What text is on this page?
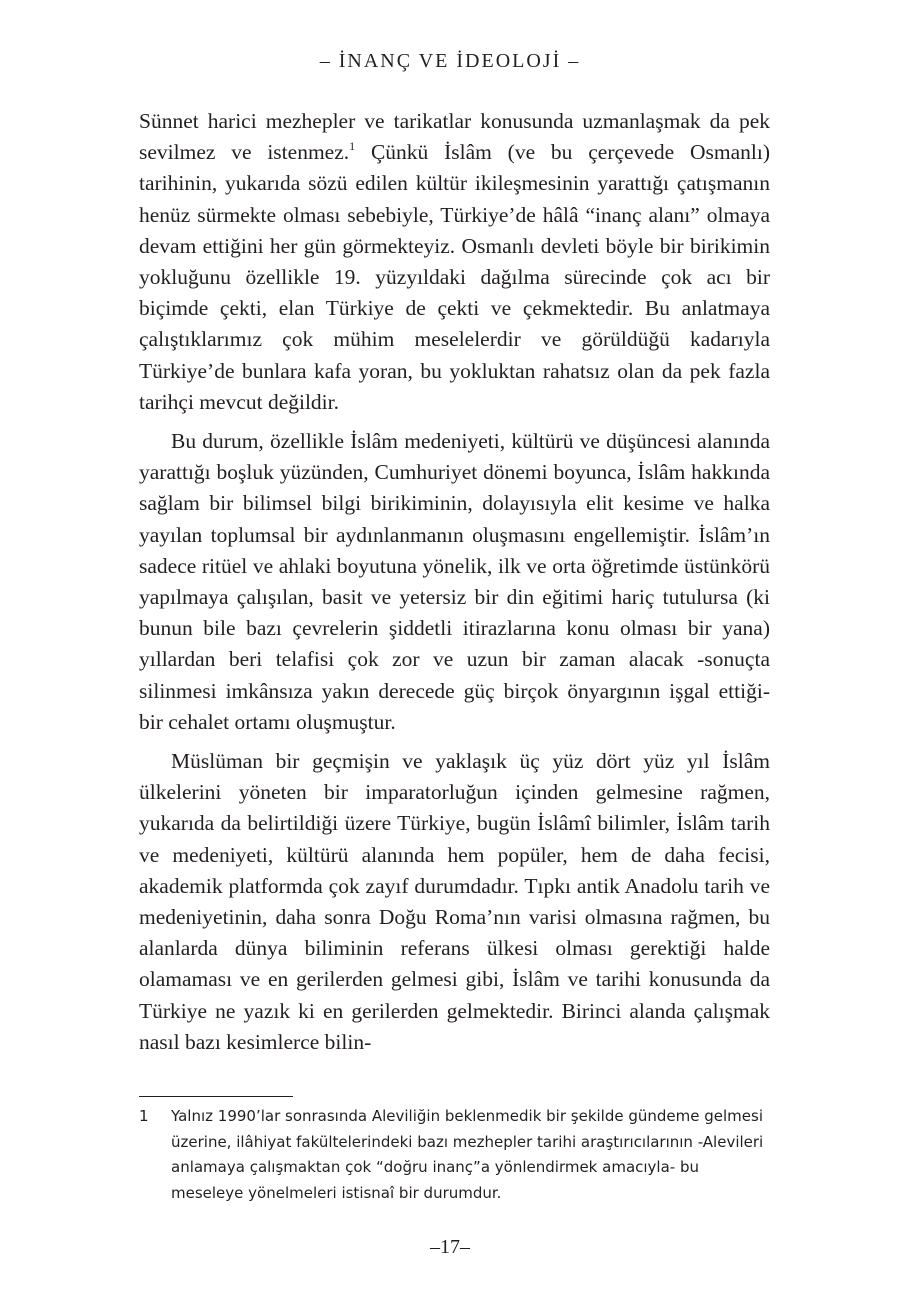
– İNANÇ VE İDEOLOJİ –

Sünnet harici mezhepler ve tarikatlar konusunda uzmanlaşmak da pek sevilmez ve istenmez.$^1$ Çünkü İslâm (ve bu çerçevede Osmanlı) tarihinin, yukarıda sözü edilen kültür ikileşmesinin yarattığı çatışmanın henüz sürmekte olması sebebiyle, Türkiye’de hâlâ “inanç alanı” olmaya devam ettiğini her gün görmekteyiz. Osmanlı devleti böyle bir birikimin yokluğunu özellikle 19. yüzyıldaki dağılma sürecinde çok acı bir biçimde çekti, elan Türkiye de çekti ve çekmektedir. Bu anlatmaya çalıştıklarımız çok mühim meselelerdir ve görüldüğü kadarıyla Türkiye’de bunlara kafa yoran, bu yokluktan rahatsız olan da pek fazla tarihçi mevcut değildir.

Bu durum, özellikle İslâm medeniyeti, kültürü ve düşüncesi alanında yarattığı boşluk yüzünden, Cumhuriyet dönemi boyunca, İslâm hakkında sağlam bir bilimsel bilgi birikiminin, dolayısıyla elit kesime ve halka yayılan toplumsal bir aydınlanmanın oluşmasını engellemiştir. İslâm’ın sadece ritüel ve ahlaki boyutuna yönelik, ilk ve orta öğretimde üstünkörü yapılmaya çalışılan, basit ve yetersiz bir din eğitimi hariç tutulursa (ki bunun bile bazı çevrelerin şiddetli itirazlarına konu olması bir yana) yıllardan beri telafisi çok zor ve uzun bir zaman alacak -sonuçta silinmesi imkânsıza yakın derecede güç birçok önyargının işgal ettiği- bir cehalet ortamı oluşmuştur.

Müslüman bir geçmişin ve yaklaşık üç yüz dört yüz yıl İslâm ülkelerini yöneten bir imparatorluğun içinden gelmesine rağmen, yukarıda da belirtildiği üzere Türkiye, bugün İslâmî bilimler, İslâm tarih ve medeniyeti, kültürü alanında hem popüler, hem de daha fecisi, akademik platformda çok zayıf durumdadır. Tıpkı antik Anadolu tarih ve medeniyetinin, daha sonra Doğu Roma’nın varisi olmasına rağmen, bu alanlarda dünya biliminin referans ülkesi olması gerektiği halde olamaması ve en gerilerden gelmesi gibi, İslâm ve tarihi konusunda da Türkiye ne yazık ki en gerilerden gelmektedir. Birinci alanda çalışmak nasıl bazı kesimlerce bilin-

1	Yalnız 1990’lar sonrasında Aleviliğin beklenmedik bir şekilde gündeme gelmesi üzerine, ilâhiyat fakültelerindeki bazı mezhepler tarihi araştırıcılarının -Alevileri anlamaya çalışmaktan çok “doğru inanç”a yönlendirmek amacıyla- bu meseleye yönelmeleri istisnaî bir durumdur.
–17–
